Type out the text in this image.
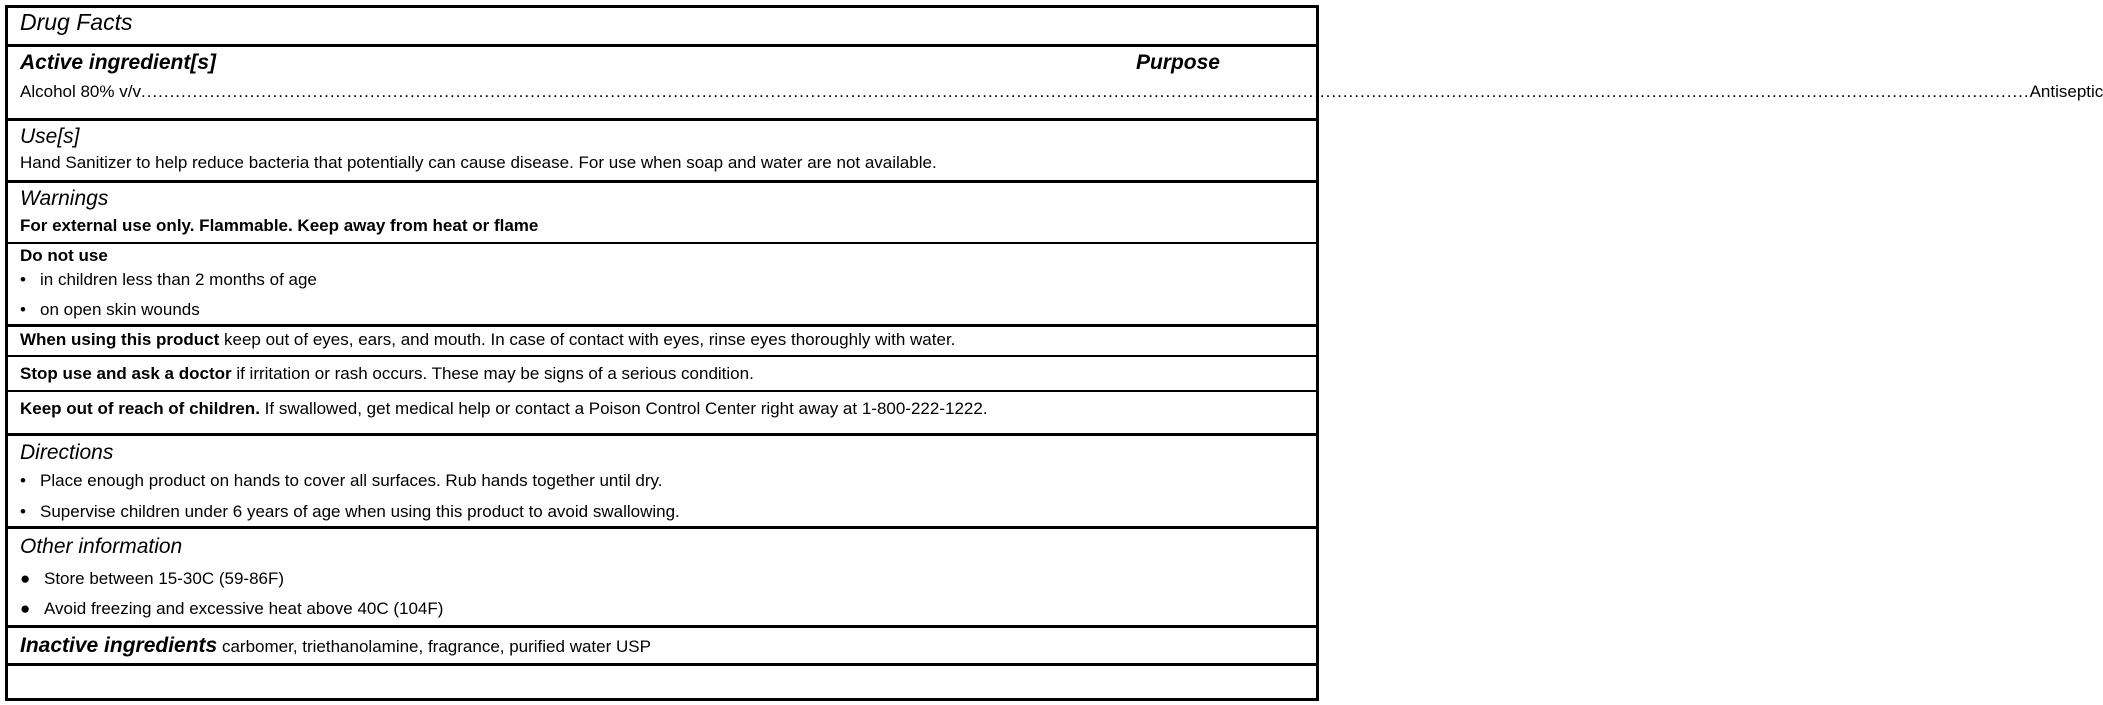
Drug Facts
Active ingredient[s]	Purpose
Alcohol 80% v/v .......................................................................................................................................................................................................................................................................................................................................... Antiseptic
Use[s]
Hand Sanitizer to help reduce bacteria that potentially can cause disease. For use when soap and water are not available.
Warnings
For external use only. Flammable. Keep away from heat or flame
Do not use
• in children less than 2 months of age
• on open skin wounds
When using this product keep out of eyes, ears, and mouth. In case of contact with eyes, rinse eyes thoroughly with water.
Stop use and ask a doctor if irritation or rash occurs. These may be signs of a serious condition.
Keep out of reach of children. If swallowed, get medical help or contact a Poison Control Center right away at 1-800-222-1222.
Directions
• Place enough product on hands to cover all surfaces. Rub hands together until dry.
• Supervise children under 6 years of age when using this product to avoid swallowing.
Other information
● Store between 15-30C (59-86F)
● Avoid freezing and excessive heat above 40C (104F)
Inactive ingredients carbomer, triethanolamine, fragrance, purified water USP
